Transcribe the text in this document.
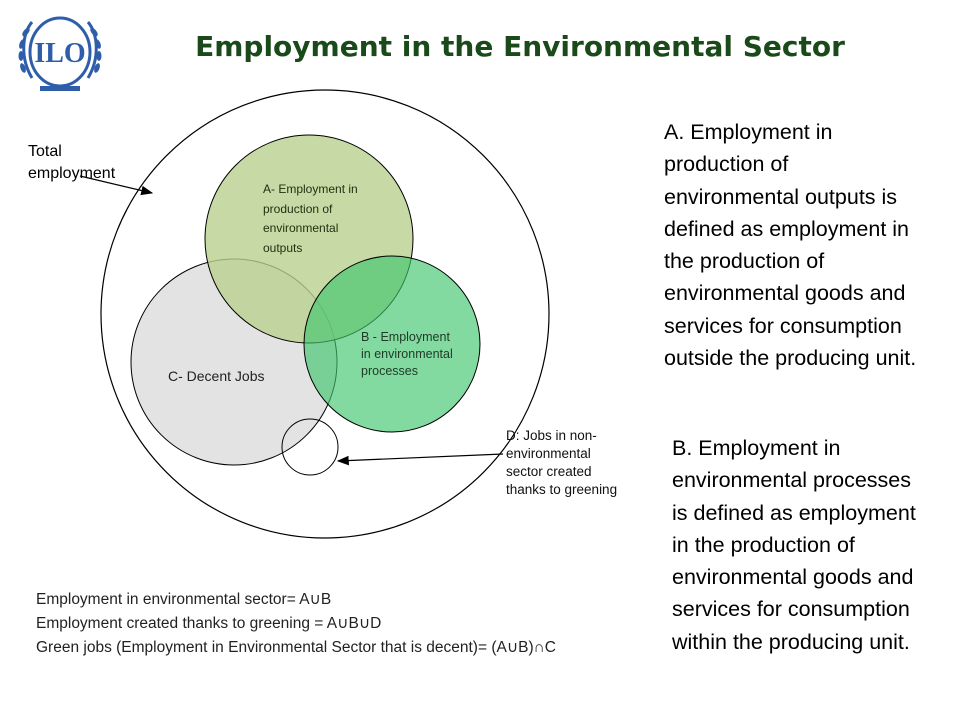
ILO	Employment in the Environmental Sector
Total employment
A- Employment in production of environmental outputs
B - Employment in environmental processes
C- Decent Jobs
D: Jobs in non- environmental sector created thanks to greening
A. Employment in production of environmental outputs is defined as employment in the production of environmental goods and services for consumption outside the producing unit.
B. Employment in environmental processes is defined as employment in the production of environmental goods and services for consumption within the producing unit.
Employment in environmental sector= A∪B
Employment created thanks to greening = A∪B∪D
Green jobs (Employment in Environmental Sector that is decent)= (A∪B)∩C
